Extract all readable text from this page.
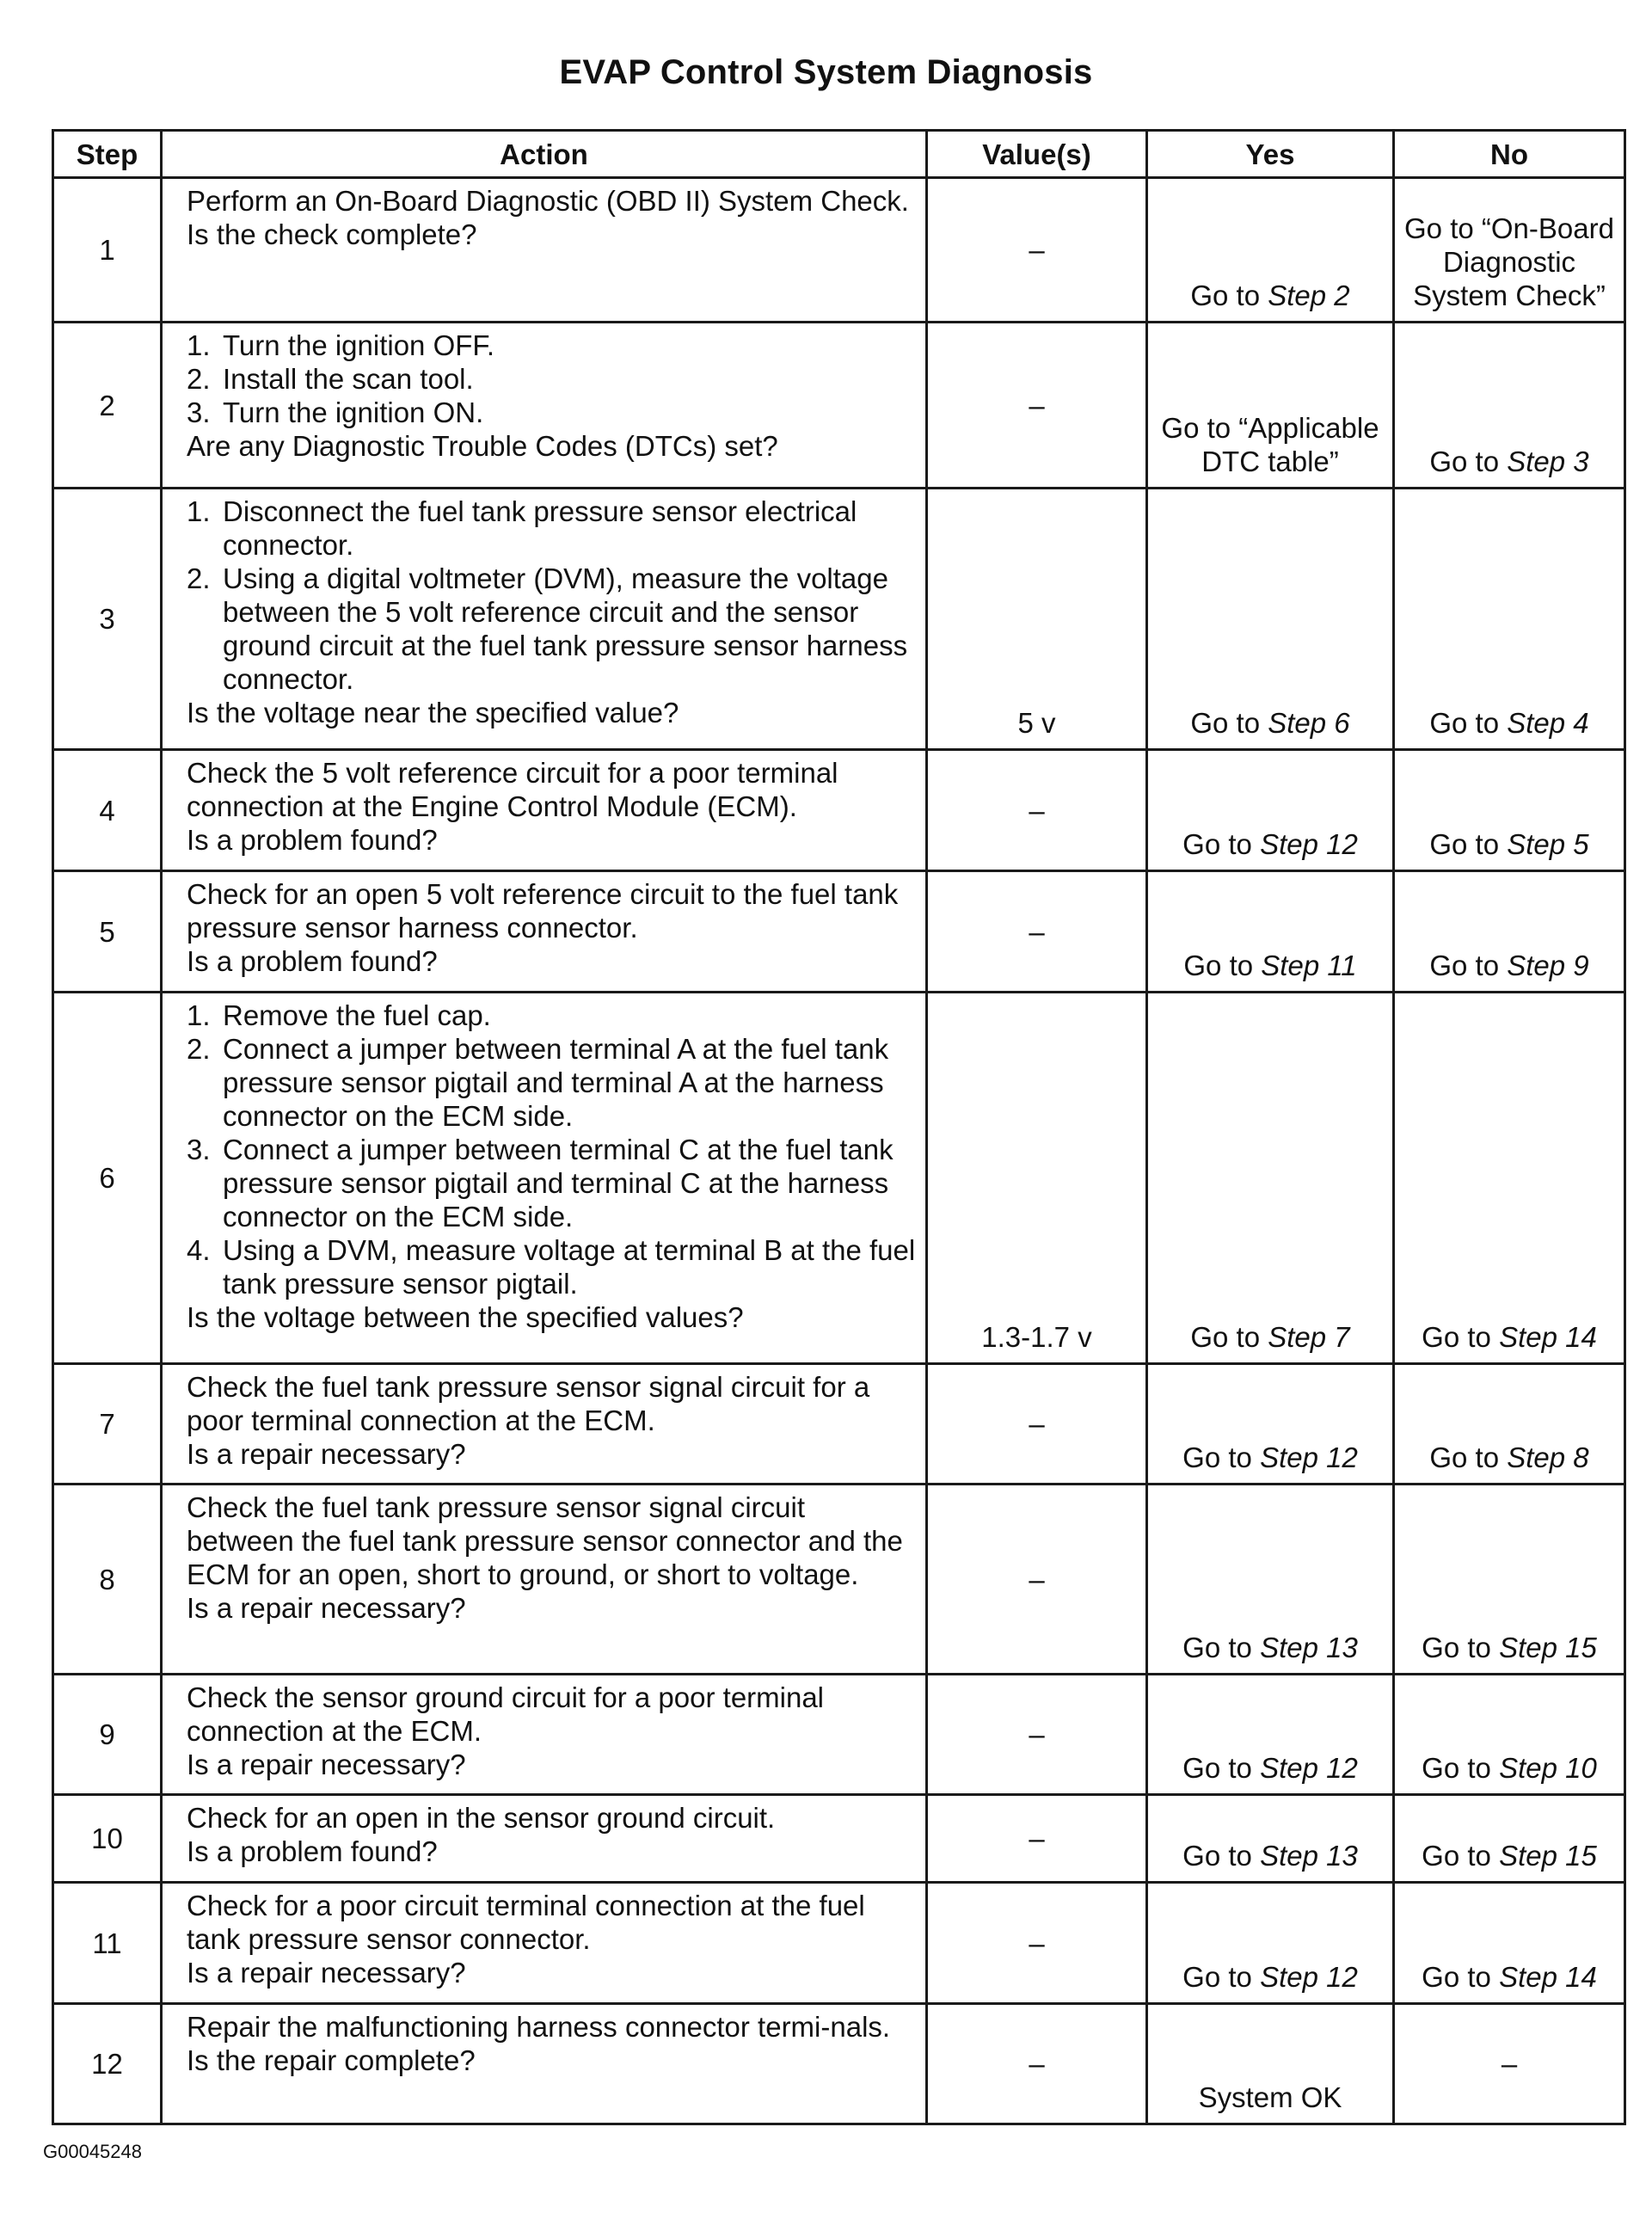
EVAP Control System Diagnosis
Step	Action	Value(s)	Yes	No
1	Perform an On-Board Diagnostic (OBD II) System Check.
Is the check complete?	–	Go to Step 2	Go to “On-Board Diagnostic System Check”
2	1. Turn the ignition OFF.
2. Install the scan tool.
3. Turn the ignition ON.
Are any Diagnostic Trouble Codes (DTCs) set?	–	Go to “Applicable DTC table”	Go to Step 3
3	1. Disconnect the fuel tank pressure sensor electrical connector.
2. Using a digital voltmeter (DVM), measure the voltage between the 5 volt reference circuit and the sensor ground circuit at the fuel tank pressure sensor harness connector.
Is the voltage near the specified value?	5 v	Go to Step 6	Go to Step 4
4	Check the 5 volt reference circuit for a poor terminal connection at the Engine Control Module (ECM).
Is a problem found?	–	Go to Step 12	Go to Step 5
5	Check for an open 5 volt reference circuit to the fuel tank pressure sensor harness connector.
Is a problem found?	–	Go to Step 11	Go to Step 9
6	1. Remove the fuel cap.
2. Connect a jumper between terminal A at the fuel tank pressure sensor pigtail and terminal A at the harness connector on the ECM side.
3. Connect a jumper between terminal C at the fuel tank pressure sensor pigtail and terminal C at the harness connector on the ECM side.
4. Using a DVM, measure voltage at terminal B at the fuel tank pressure sensor pigtail.
Is the voltage between the specified values?	1.3-1.7 v	Go to Step 7	Go to Step 14
7	Check the fuel tank pressure sensor signal circuit for a poor terminal connection at the ECM.
Is a repair necessary?	–	Go to Step 12	Go to Step 8
8	Check the fuel tank pressure sensor signal circuit between the fuel tank pressure sensor connector and the ECM for an open, short to ground, or short to voltage.
Is a repair necessary?	–	Go to Step 13	Go to Step 15
9	Check the sensor ground circuit for a poor terminal connection at the ECM.
Is a repair necessary?	–	Go to Step 12	Go to Step 10
10	Check for an open in the sensor ground circuit.
Is a problem found?	–	Go to Step 13	Go to Step 15
11	Check for a poor circuit terminal connection at the fuel tank pressure sensor connector.
Is a repair necessary?	–	Go to Step 12	Go to Step 14
12	Repair the malfunctioning harness connector termi-nals.
Is the repair complete?	–	System OK	–
G00045248
